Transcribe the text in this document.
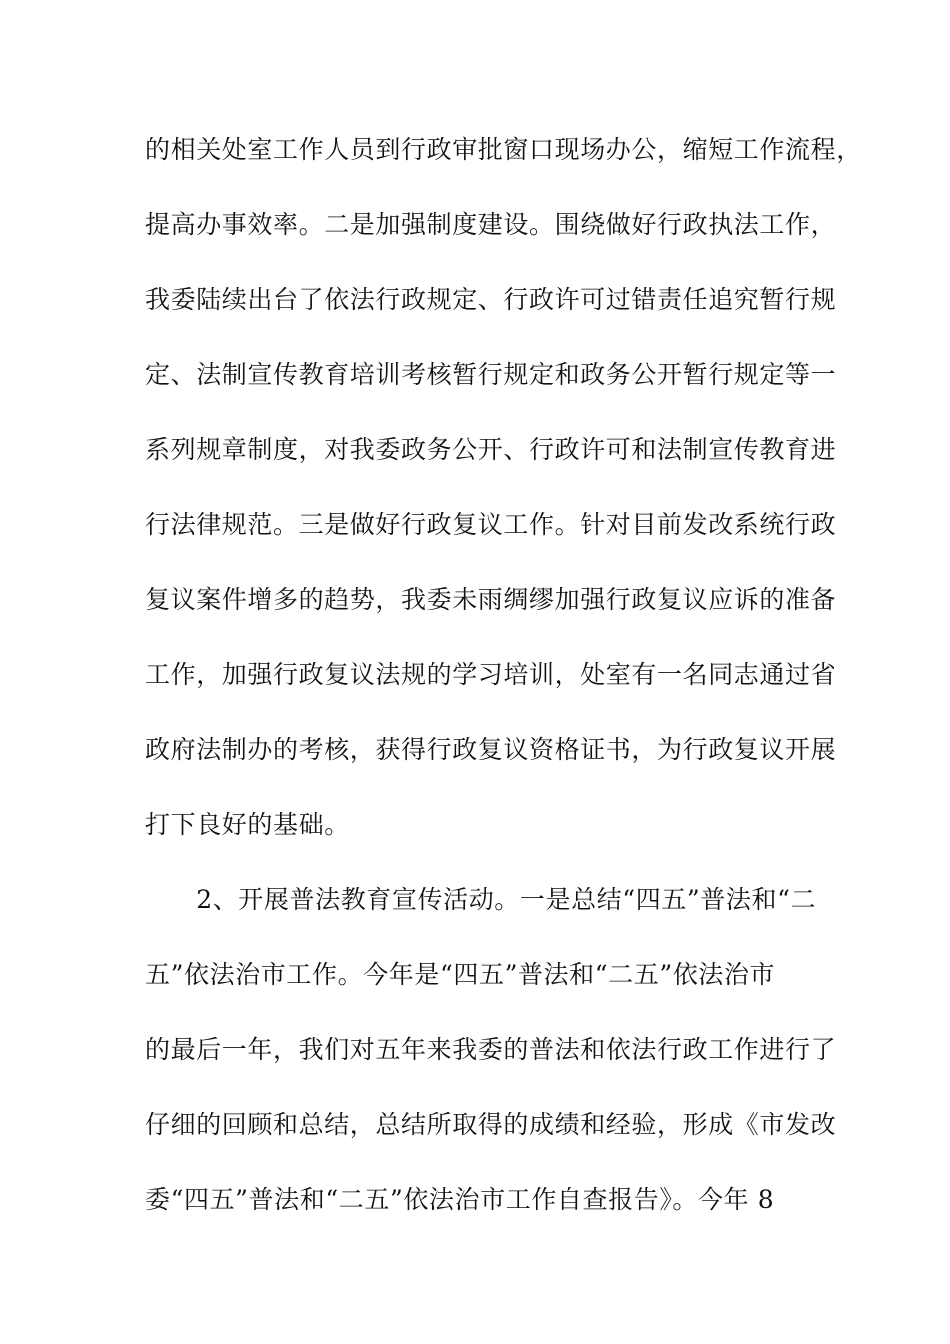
的相关处室工作人员到行政审批窗口现场办公，缩短工作流程，
提高办事效率。二是加强制度建设。围绕做好行政执法工作，
我委陆续出台了依法行政规定、行政许可过错责任追究暂行规
定、法制宣传教育培训考核暂行规定和政务公开暂行规定等一
系列规章制度，对我委政务公开、行政许可和法制宣传教育进
行法律规范。三是做好行政复议工作。针对目前发改系统行政
复议案件增多的趋势，我委未雨绸缪加强行政复议应诉的准备
工作，加强行政复议法规的学习培训，处室有一名同志通过省
政府法制办的考核，获得行政复议资格证书，为行政复议开展
打下良好的基础。
　　2、开展普法教育宣传活动。一是总结“四五”普法和“二
五”依法治市工作。今年是“四五”普法和“二五”依法治市
的最后一年，我们对五年来我委的普法和依法行政工作进行了
仔细的回顾和总结，总结所取得的成绩和经验，形成《市发改
委“四五”普法和“二五”依法治市工作自查报告》。今年 8
